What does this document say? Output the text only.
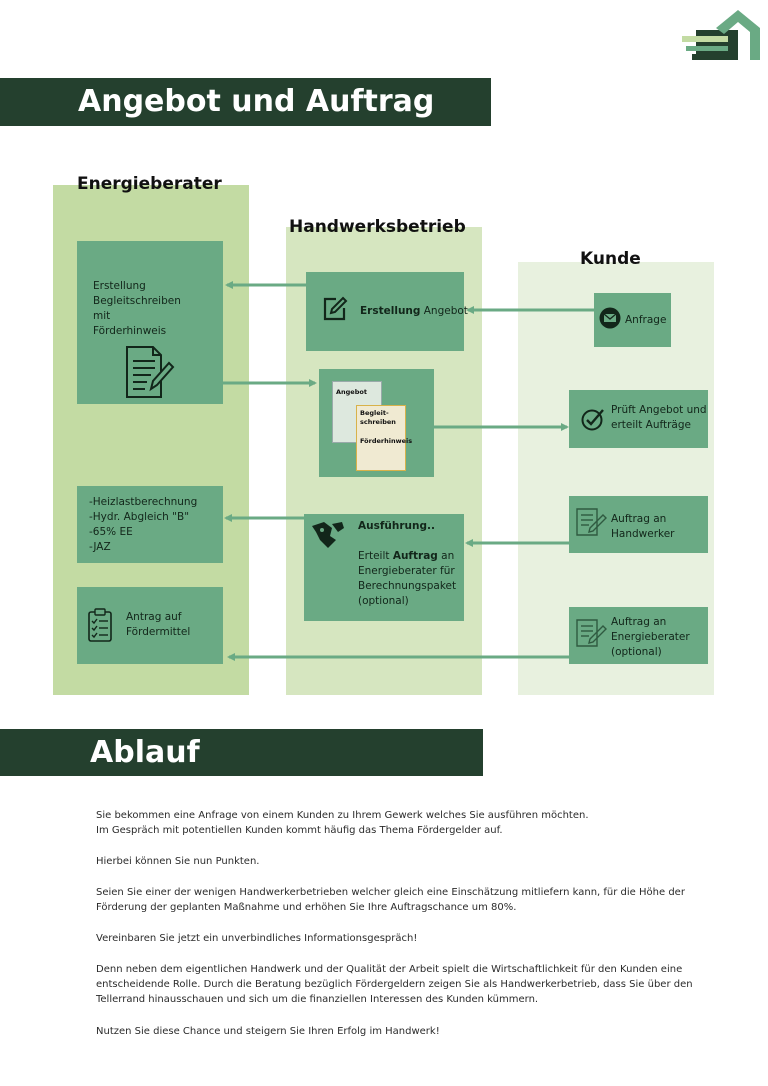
Angebot und Auftrag
Energieberater
Handwerksbetrieb
Kunde
Erstellung
Begleitschreiben
mit
Förderhinweis
Erstellung Angebot
Anfrage
Angebot
Begleit-
schreiben
Förderhinweis
Prüft Angebot und
erteilt Aufträge
-Heizlastberechnung
-Hydr. Abgleich "B"
-65% EE
-JAZ
Ausführung..
Erteilt Auftrag an
Energieberater für
Berechnungspaket
(optional)
Auftrag an
Handwerker
Antrag auf
Fördermittel
Auftrag an
Energieberater
(optional)
Ablauf

Sie bekommen eine Anfrage von einem Kunden zu Ihrem Gewerk welches Sie ausführen möchten.

Im Gespräch mit potentiellen Kunden kommt häufig das Thema Fördergelder auf.

Hierbei können Sie nun Punkten.

Seien Sie einer der wenigen Handwerkerbetrieben welcher gleich eine Einschätzung mitliefern kann, für die Höhe der

Förderung der geplanten Maßnahme und erhöhen Sie Ihre Auftragschance um 80%.

Vereinbaren Sie jetzt ein unverbindliches Informationsgespräch!

Denn neben dem eigentlichen Handwerk und der Qualität der Arbeit spielt die Wirtschaftlichkeit für den Kunden eine

entscheidende Rolle. Durch die Beratung bezüglich Fördergeldern zeigen Sie als Handwerkerbetrieb, dass Sie über den

Tellerrand hinausschauen und sich um die finanziellen Interessen des Kunden kümmern.

Nutzen Sie diese Chance und steigern Sie Ihren Erfolg im Handwerk!
